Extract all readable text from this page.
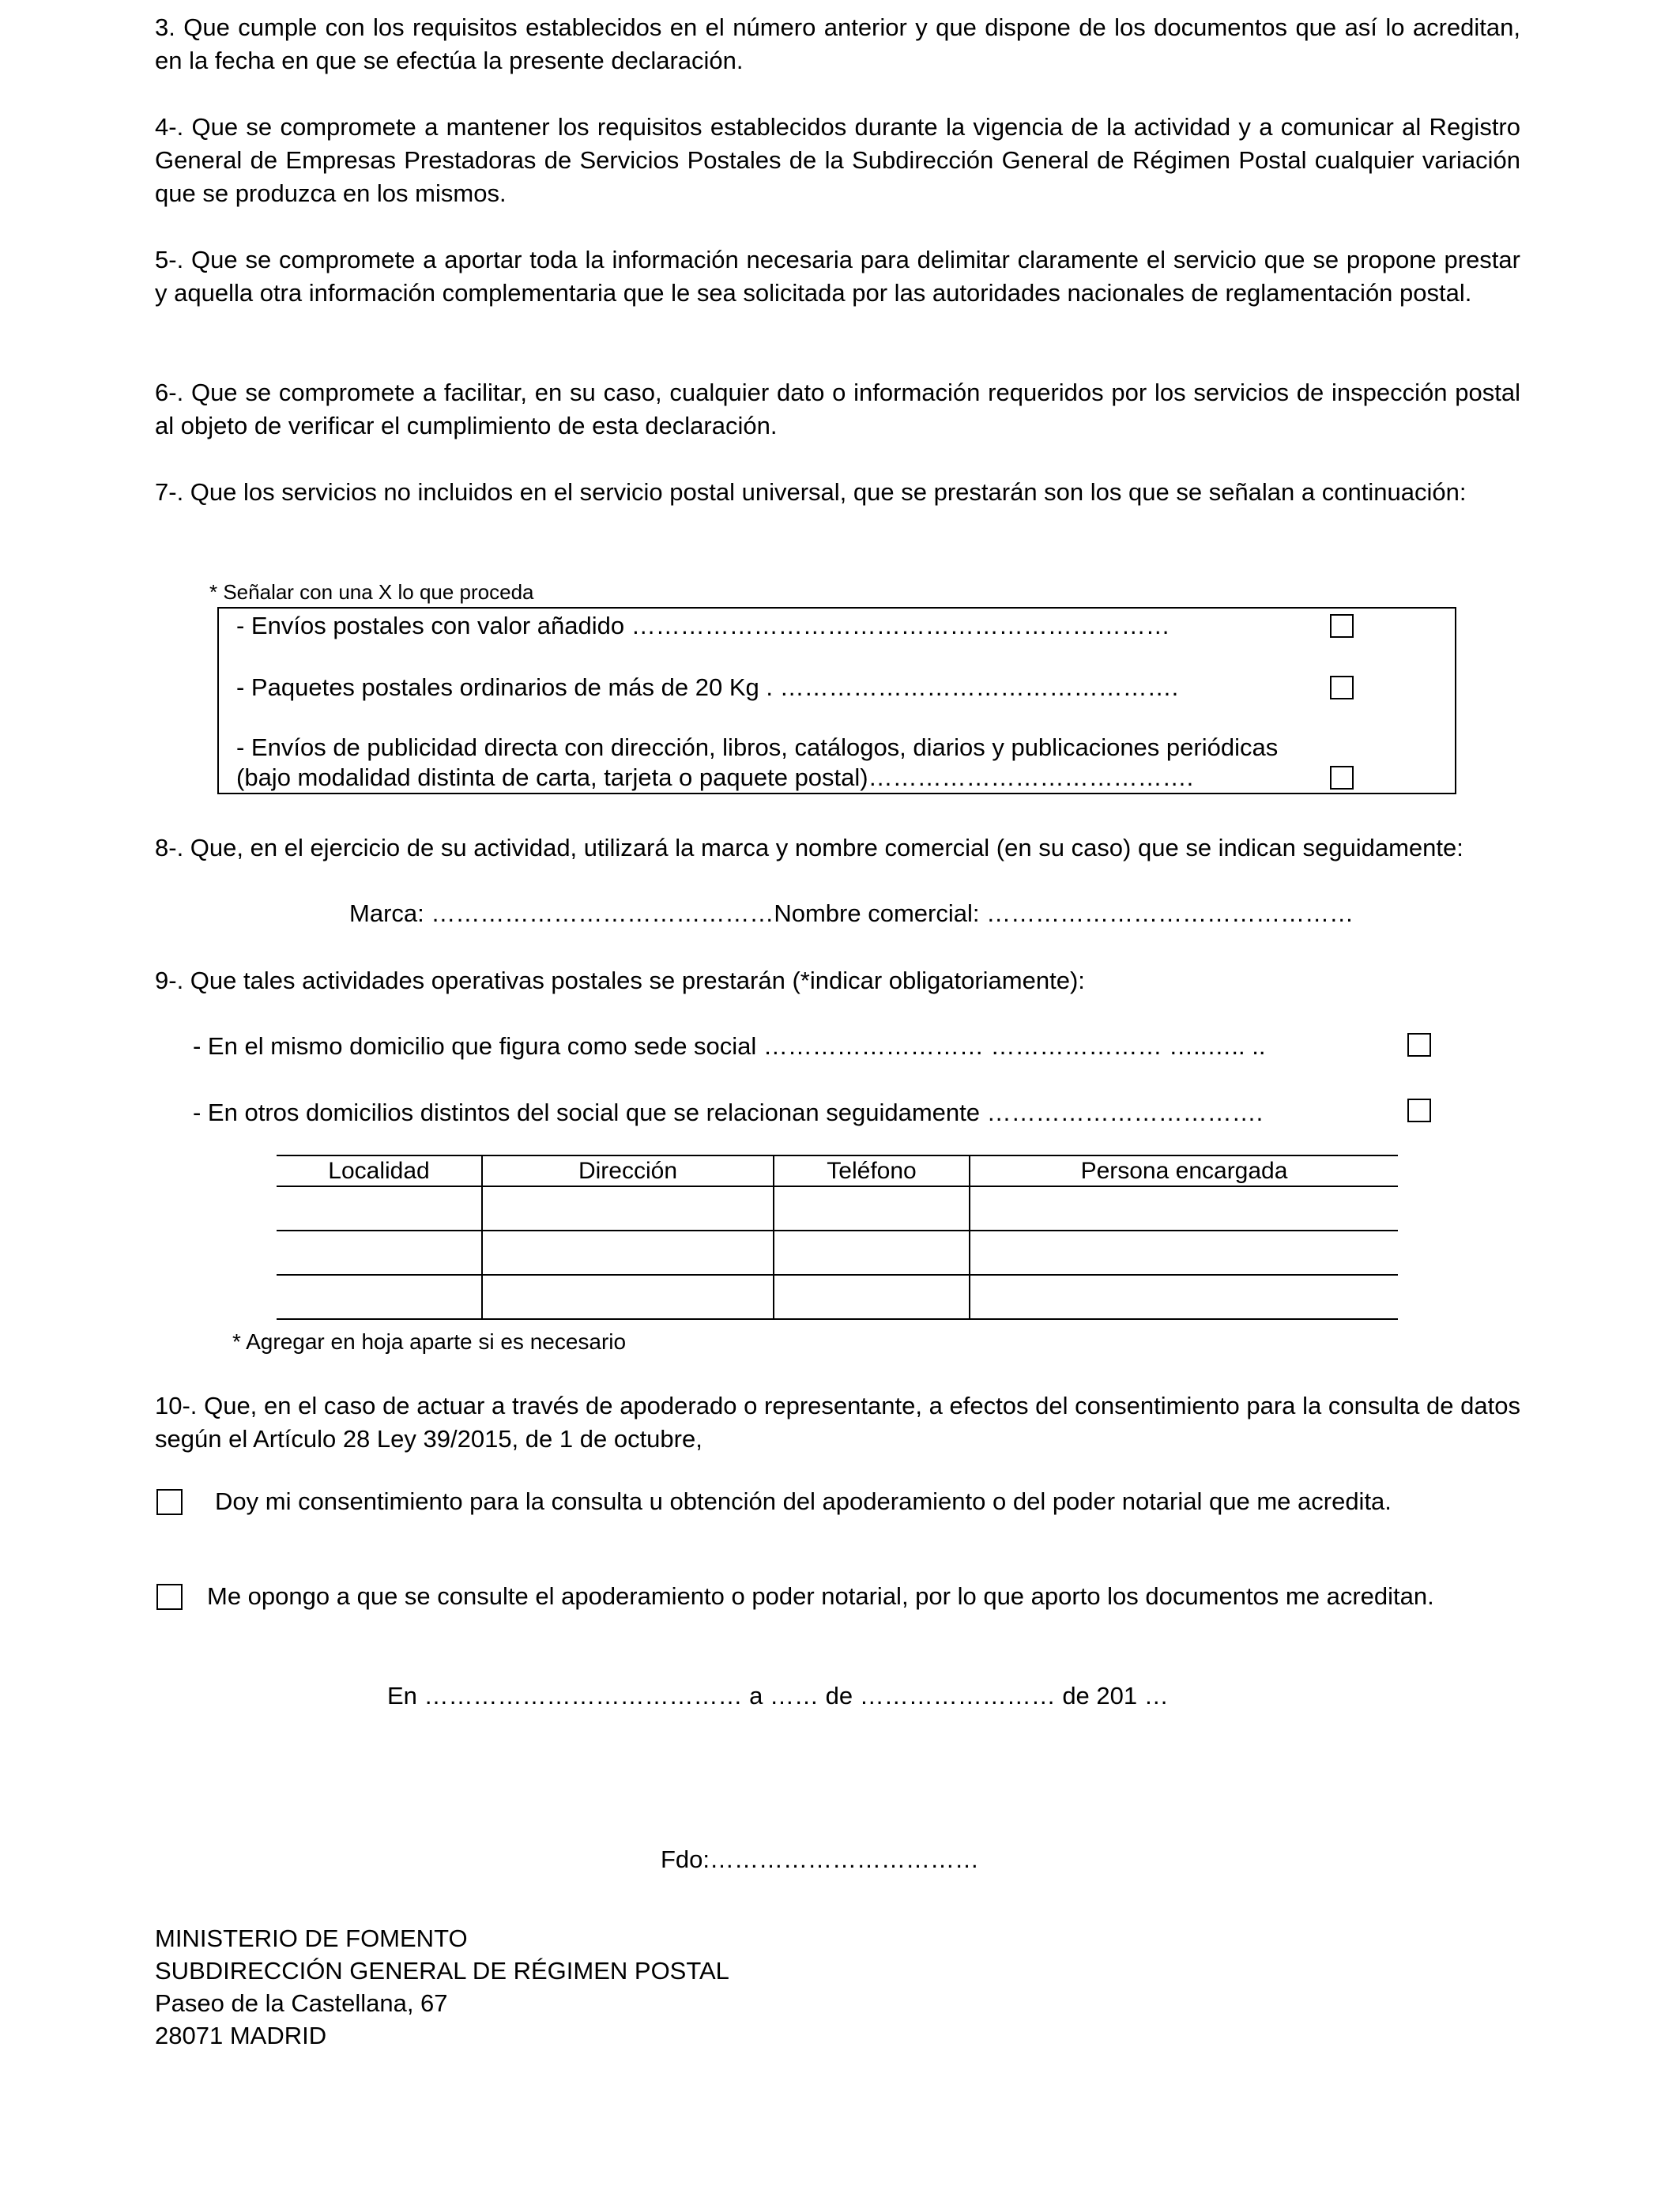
3. Que cumple con los requisitos establecidos en el número anterior y que dispone de los documentos que así lo acreditan, en la fecha en que se efectúa la presente declaración.

4-. Que se compromete a mantener los requisitos establecidos durante la vigencia de la actividad y a comunicar al Registro General de Empresas Prestadoras de Servicios Postales de la Subdirección General de Régimen Postal cualquier variación que se produzca en los mismos.

5-. Que se compromete a aportar toda la información necesaria para delimitar claramente el servicio que se propone prestar y aquella otra información complementaria que le sea solicitada por las autoridades nacionales de reglamentación postal.

6-. Que se compromete a facilitar, en su caso, cualquier dato o información requeridos por los servicios de inspección postal al objeto de verificar el cumplimiento de esta declaración.

7-. Que los servicios no incluidos en el servicio postal universal, que se prestarán son los que se señalan a continuación:

* Señalar con una X lo que proceda
- Envíos postales con valor añadido …………………………………………………………
- Paquetes postales ordinarios de más de 20 Kg . ………………………………………….
- Envíos de publicidad directa con dirección, libros, catálogos, diarios y publicaciones periódicas
(bajo modalidad distinta de carta, tarjeta o paquete postal)………………………………….

8-. Que, en el ejercicio de su actividad, utilizará la marca y nombre comercial (en su caso) que se indican seguidamente:

Marca: ……………………………………Nombre comercial: ………………………………………

9-. Que tales actividades operativas postales se prestarán (*indicar obligatoriamente):

- En el mismo domicilio que figura como sede social ……………………… ………………… …..….. ..
- En otros domicilios distintos del social que se relacionan seguidamente …………………………….
Localidad	Dirección	Teléfono	Persona encargada

* Agregar en hoja aparte si es necesario

10-. Que, en el caso de actuar a través de apoderado o representante, a efectos del consentimiento para la consulta de datos según el Artículo 28 Ley 39/2015, de 1 de octubre,

Doy mi consentimiento para la consulta u obtención del apoderamiento o del poder notarial que me acredita.

Me opongo a que se consulte el apoderamiento o poder notarial, por lo que aporto los documentos me acreditan.

En ………………………………… a …… de …………………… de 201 …
Fdo:……………………………
MINISTERIO DE FOMENTO
SUBDIRECCIÓN GENERAL DE RÉGIMEN POSTAL
Paseo de la Castellana, 67
28071 MADRID
